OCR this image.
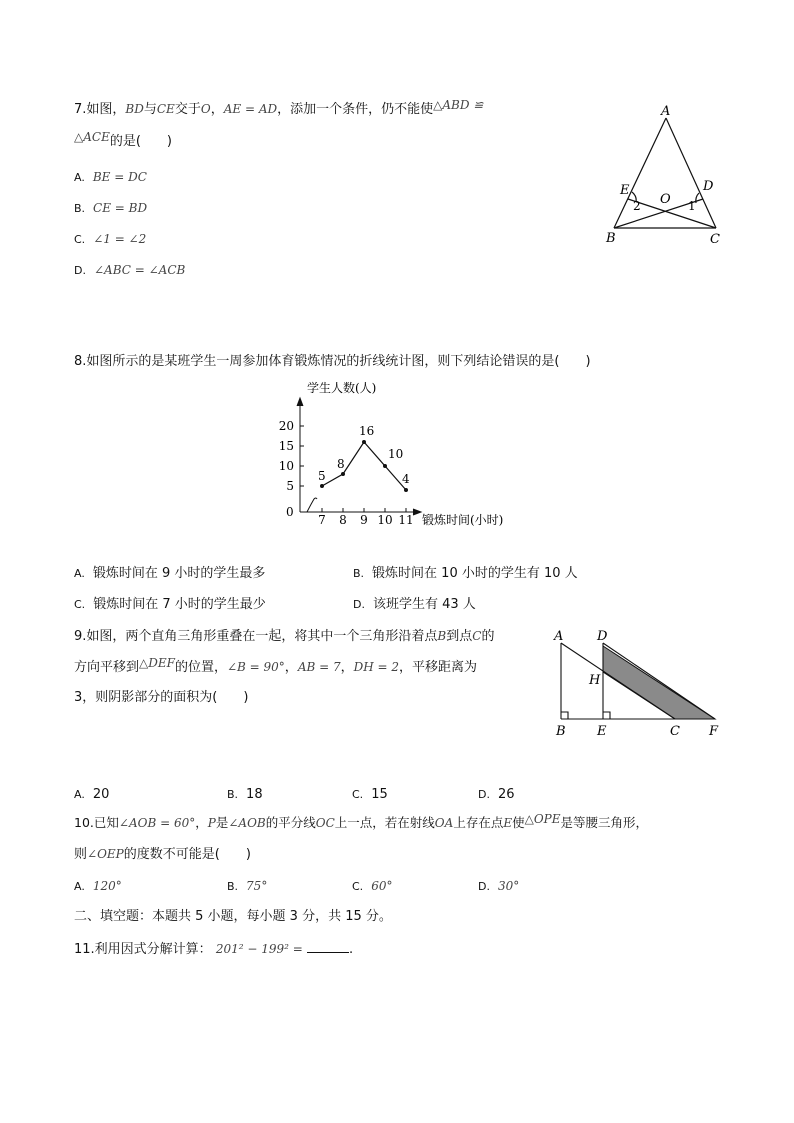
7.如图，BD与CE交于O，AE = AD，添加一个条件，仍不能使△ABD ≌
△ACE的是(　　)
A. BE = DC
B. CE = BD
C. ∠1 = ∠2
D. ∠ABC = ∠ACB
A
B	C
D
E
O 1
2
8.如图所示的是某班学生一周参加体育锻炼情况的折线统计图，则下列结论错误的是(　　)
5
10
15
20
7 8 9 10 11
5
8
16
10
4
学生人数(人)
锻炼时间(小时)
0
A. 锻炼时间在 9 小时的学生最多	B. 锻炼时间在 10 小时的学生有 10 人
C. 锻炼时间在 7 小时的学生最少	D. 该班学生有 43 人
9.如图，两个直角三角形重叠在一起，将其中一个三角形沿着点B到点C的
方向平移到△DEF的位置，∠B = 90°，AB = 7，DH = 2，平移距离为
3，则阴影部分的面积为(　　)
A	D
H
B E	C F
A. 20	B. 18	C. 15	D. 26
10.已知∠AOB = 60°，P是∠AOB的平分线OC上一点，若在射线OA上存在点E使△OPE是等腰三角形，
则∠OEP的度数不可能是(　　)
A. 120°	B. 75°	C. 60°	D. 30°
二、填空题：本题共 5 小题，每小题 3 分，共 15 分。
11.利用因式分解计算： 201² − 199² =	.
